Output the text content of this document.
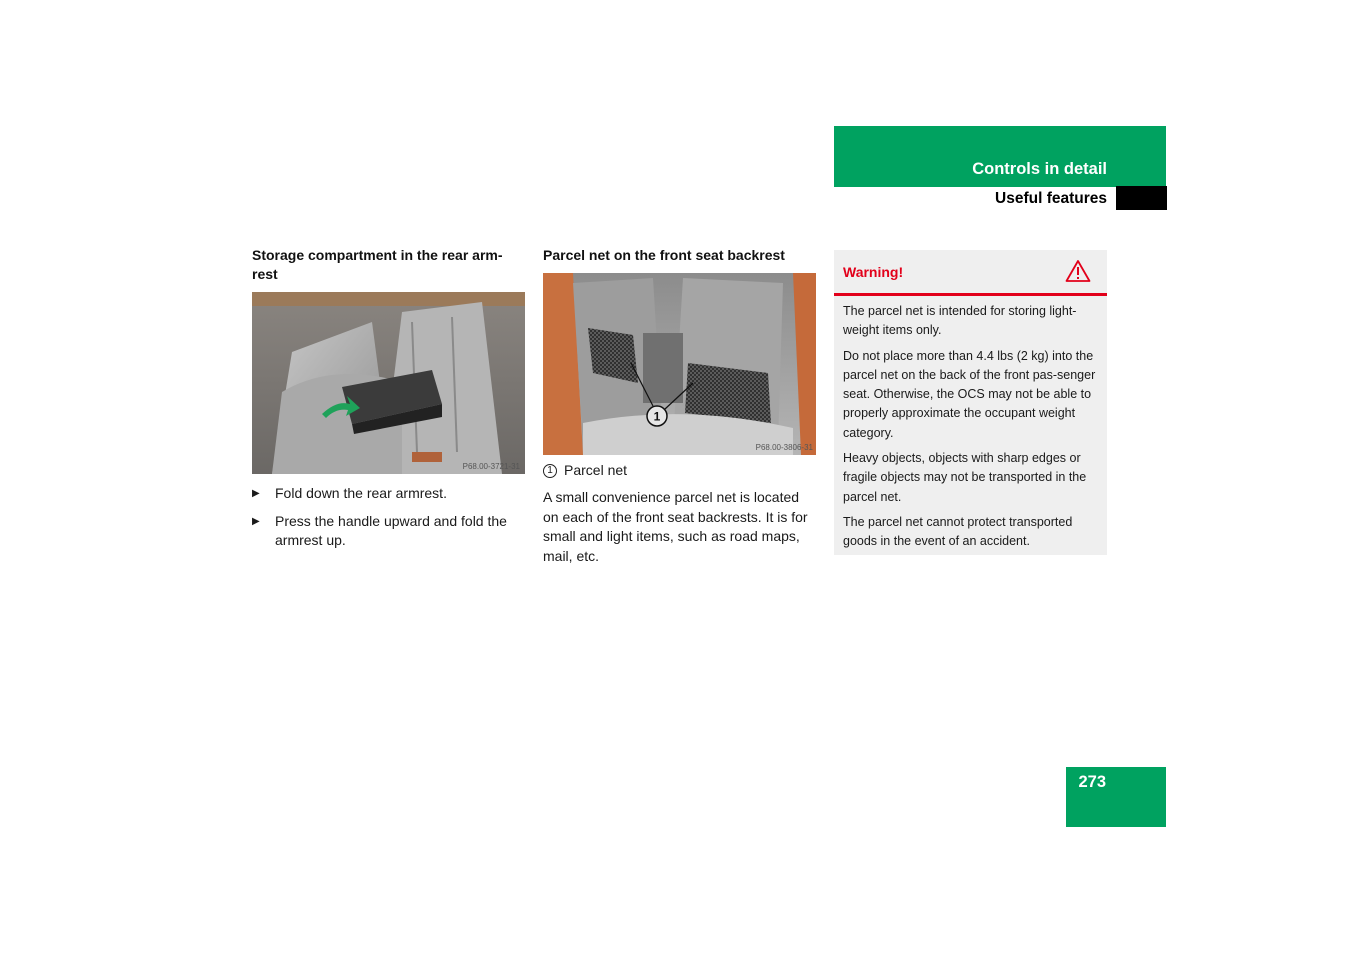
Controls in detail
Useful features
Storage compartment in the rear arm-rest
P68.00-3721-31
▶ Fold down the rear armrest.
▶ Press the handle upward and fold the armrest up.
Parcel net on the front seat backrest
1
P68.00-3806-31
1 Parcel net

A small convenience parcel net is located on each of the front seat backrests. It is for small and light items, such as road maps, mail, etc.

Warning!

The parcel net is intended for storing light-weight items only.

Do not place more than 4.4 lbs (2 kg) into the parcel net on the back of the front pas-senger seat. Otherwise, the OCS may not be able to properly approximate the occupant weight category.

Heavy objects, objects with sharp edges or fragile objects may not be transported in the parcel net.

The parcel net cannot protect transported goods in the event of an accident.

273
